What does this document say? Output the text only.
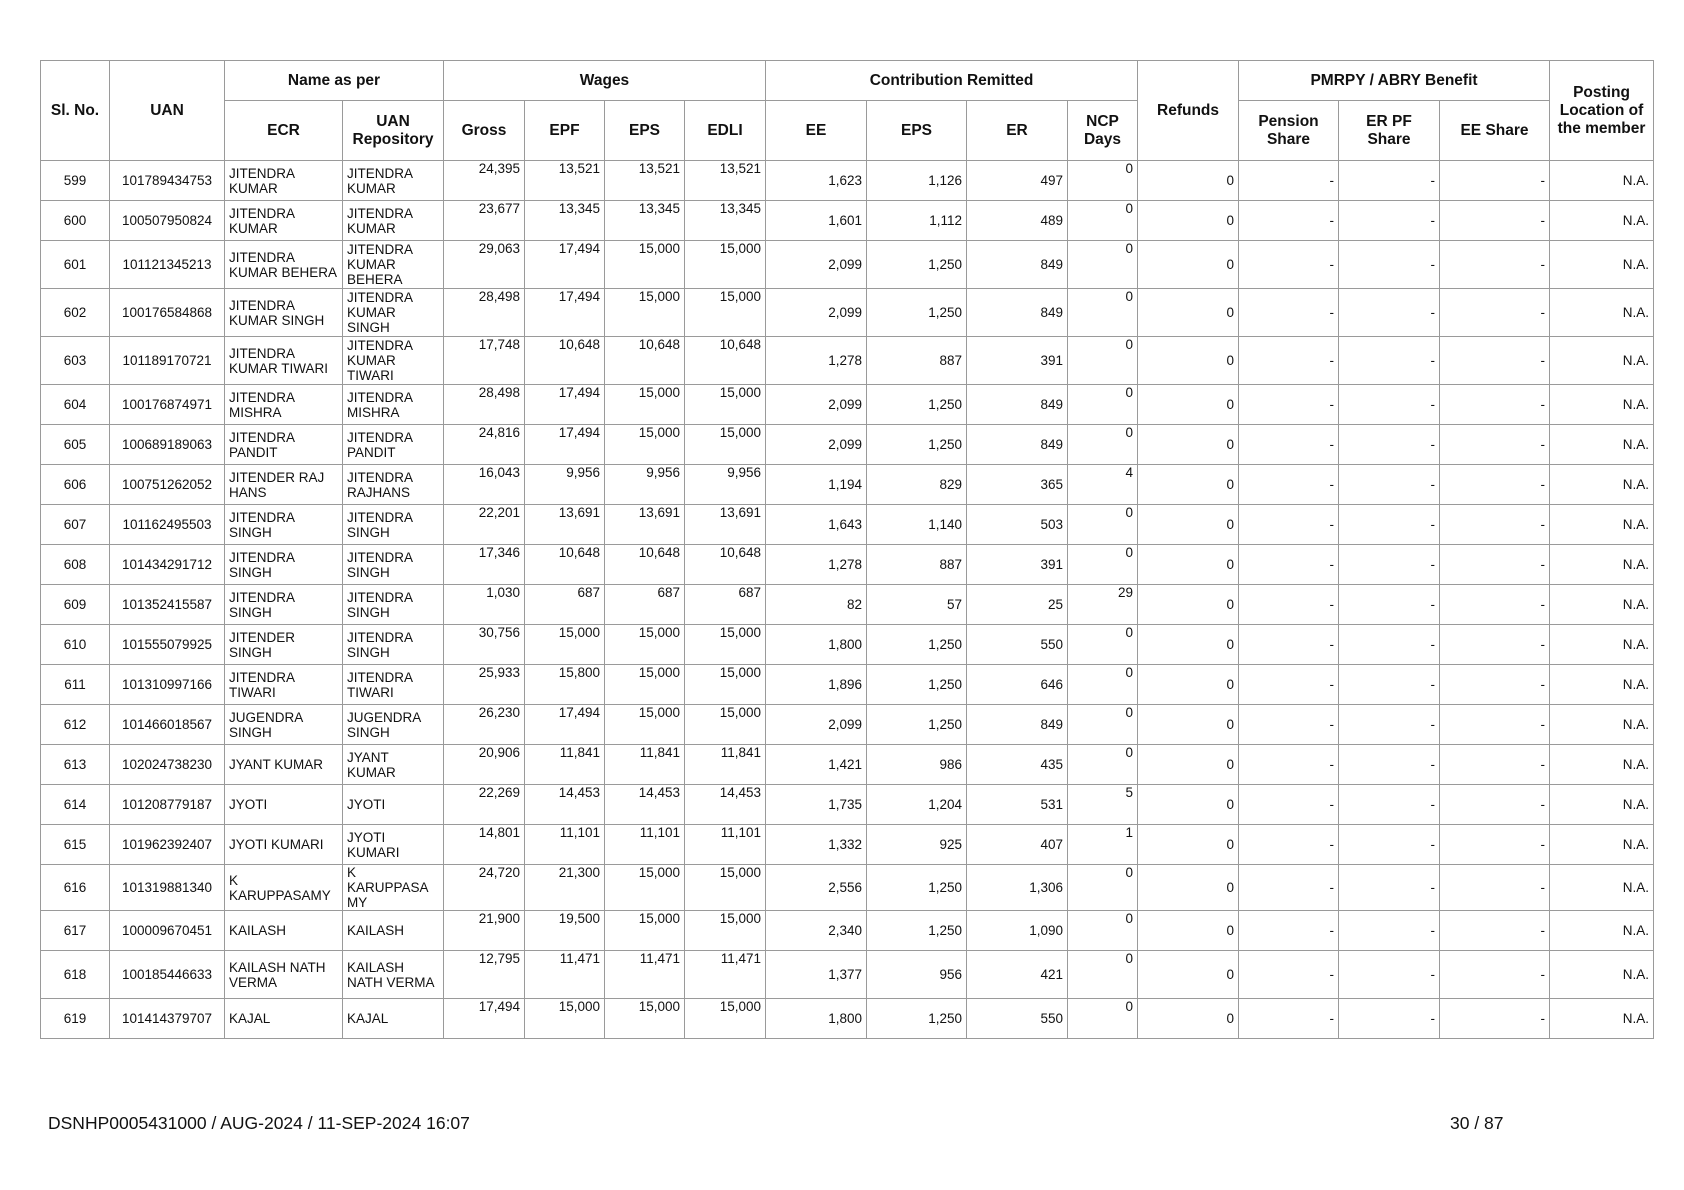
Sl. No.	UAN	Name as per		Wages				Contribution Remitted				Refunds	PMRPY / ABRY Benefit			Posting Location of the member
		ECR	UAN Repository	Gross	EPF	EPS	EDLI	EE	EPS	ER	NCP Days		Pension Share	ER PF Share	EE Share	
599	101789434753	JITENDRA KUMAR	JITENDRA KUMAR	24,395	13,521	13,521	13,521	1,623	1,126	497	0	0	-	-	-	N.A.
600	100507950824	JITENDRA KUMAR	JITENDRA KUMAR	23,677	13,345	13,345	13,345	1,601	1,112	489	0	0	-	-	-	N.A.
601	101121345213	JITENDRA KUMAR BEHERA	JITENDRA KUMAR BEHERA	29,063	17,494	15,000	15,000	2,099	1,250	849	0	0	-	-	-	N.A.
602	100176584868	JITENDRA KUMAR SINGH	JITENDRA KUMAR SINGH	28,498	17,494	15,000	15,000	2,099	1,250	849	0	0	-	-	-	N.A.
603	101189170721	JITENDRA KUMAR TIWARI	JITENDRA KUMAR TIWARI	17,748	10,648	10,648	10,648	1,278	887	391	0	0	-	-	-	N.A.
604	100176874971	JITENDRA MISHRA	JITENDRA MISHRA	28,498	17,494	15,000	15,000	2,099	1,250	849	0	0	-	-	-	N.A.
605	100689189063	JITENDRA PANDIT	JITENDRA PANDIT	24,816	17,494	15,000	15,000	2,099	1,250	849	0	0	-	-	-	N.A.
606	100751262052	JITENDER RAJ HANS	JITENDRA RAJHANS	16,043	9,956	9,956	9,956	1,194	829	365	4	0	-	-	-	N.A.
607	101162495503	JITENDRA SINGH	JITENDRA SINGH	22,201	13,691	13,691	13,691	1,643	1,140	503	0	0	-	-	-	N.A.
608	101434291712	JITENDRA SINGH	JITENDRA SINGH	17,346	10,648	10,648	10,648	1,278	887	391	0	0	-	-	-	N.A.
609	101352415587	JITENDRA SINGH	JITENDRA SINGH	1,030	687	687	687	82	57	25	29	0	-	-	-	N.A.
610	101555079925	JITENDER SINGH	JITENDRA SINGH	30,756	15,000	15,000	15,000	1,800	1,250	550	0	0	-	-	-	N.A.
611	101310997166	JITENDRA TIWARI	JITENDRA TIWARI	25,933	15,800	15,000	15,000	1,896	1,250	646	0	0	-	-	-	N.A.
612	101466018567	JUGENDRA SINGH	JUGENDRA SINGH	26,230	17,494	15,000	15,000	2,099	1,250	849	0	0	-	-	-	N.A.
613	102024738230	JYANT KUMAR	JYANT KUMAR	20,906	11,841	11,841	11,841	1,421	986	435	0	0	-	-	-	N.A.
614	101208779187	JYOTI	JYOTI	22,269	14,453	14,453	14,453	1,735	1,204	531	5	0	-	-	-	N.A.
615	101962392407	JYOTI KUMARI	JYOTI KUMARI	14,801	11,101	11,101	11,101	1,332	925	407	1	0	-	-	-	N.A.
616	101319881340	K KARUPPASAMY	K KARUPPASA MY	24,720	21,300	15,000	15,000	2,556	1,250	1,306	0	0	-	-	-	N.A.
617	100009670451	KAILASH	KAILASH	21,900	19,500	15,000	15,000	2,340	1,250	1,090	0	0	-	-	-	N.A.
618	100185446633	KAILASH NATH VERMA	KAILASH NATH VERMA	12,795	11,471	11,471	11,471	1,377	956	421	0	0	-	-	-	N.A.
619	101414379707	KAJAL	KAJAL	17,494	15,000	15,000	15,000	1,800	1,250	550	0	0	-	-	-	N.A.
DSNHP0005431000 / AUG-2024 / 11-SEP-2024 16:07	30 / 87
